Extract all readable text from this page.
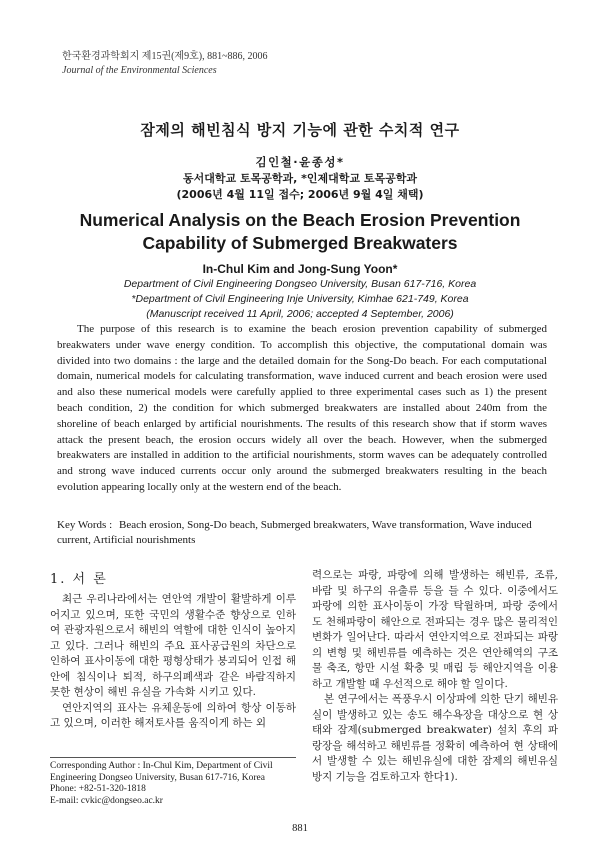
한국환경과학회지 제15권(제9호), 881~886, 2006
Journal of the Environmental Sciences
잠제의 해빈침식 방지 기능에 관한 수치적 연구
김인철·윤종성*
동서대학교 토목공학과, *인제대학교 토목공학과
(2006년 4월 11일 접수; 2006년 9월 4일 채택)
Numerical Analysis on the Beach Erosion Prevention
Capability of Submerged Breakwaters
In-Chul Kim and Jong-Sung Yoon*
Department of Civil Engineering Dongseo University, Busan 617-716, Korea
*Department of Civil Engineering Inje University, Kimhae 621-749, Korea
(Manuscript received 11 April, 2006; accepted 4 September, 2006)

The purpose of this research is to examine the beach erosion prevention capability of submerged breakwaters under wave energy condition. To accomplish this objective, the computational domain was divided into two domains : the large and the detailed domain for the Song-Do beach. For each computational domain, numerical models for calculating transformation, wave induced current and beach erosion were used and also these numerical models were carefully applied to three experimental cases such as 1) the present beach condition, 2) the condition for which submerged breakwaters are installed about 240m from the shoreline of beach enlarged by artificial nourishments. The results of this research show that if storm waves attack the present beach, the erosion occurs widely all over the beach. However, when the submerged breakwaters are installed in addition to the artificial nourishments, storm waves can be adequately controlled and strong wave induced currents occur only around the submerged breakwaters resulting in the beach evolution appearing locally only at the western end of the beach.

Key Words : Beach erosion, Song-Do beach, Submerged breakwaters, Wave transformation, Wave induced current, Artificial nourishments
1. 서 론

최근 우리나라에서는 연안역 개발이 활발하게 이루어지고 있으며, 또한 국민의 생활수준 향상으로 인하여 관광자원으로서 해빈의 역할에 대한 인식이 높아지고 있다. 그러나 해빈의 주요 표사공급원의 차단으로 인하여 표사이동에 대한 평형상태가 붕괴되어 인접 해안에 침식이나 퇴적, 하구의폐색과 같은 바람직하지 못한 현상이 해빈 유실을 가속화 시키고 있다.

연안지역의 표사는 유체운동에 의하여 항상 이동하고 있으며, 이러한 해저토사를 움직이게 하는 외

력으로는 파랑, 파랑에 의해 발생하는 해빈류, 조류, 바람 및 하구의 유출류 등을 들 수 있다. 이중에서도 파랑에 의한 표사이동이 가장 탁월하며, 파랑 중에서도 천해파랑이 해안으로 전파되는 경우 많은 물리적인 변화가 일어난다. 따라서 연안지역으로 전파되는 파랑의 변형 및 해빈류를 예측하는 것은 연안해역의 구조물 축조, 항만 시설 확충 및 매립 등 해안지역을 이용하고 개발할 때 우선적으로 해야 할 일이다.

본 연구에서는 폭풍우시 이상파에 의한 단기 해빈유실이 발생하고 있는 송도 해수욕장을 대상으로 현 상태와 잠제(submerged breakwater) 설치 후의 파랑장을 해석하고 해빈류를 정확히 예측하여 현 상태에서 발생할 수 있는 해빈유실에 대한 잠제의 해빈유실 방지 기능을 검토하고자 한다1).

Corresponding Author : In-Chul Kim, Department of Civil
Engineering Dongseo University, Busan 617-716, Korea
Phone: +82-51-320-1818
E-mail: cvkic@dongseo.ac.kr
881
